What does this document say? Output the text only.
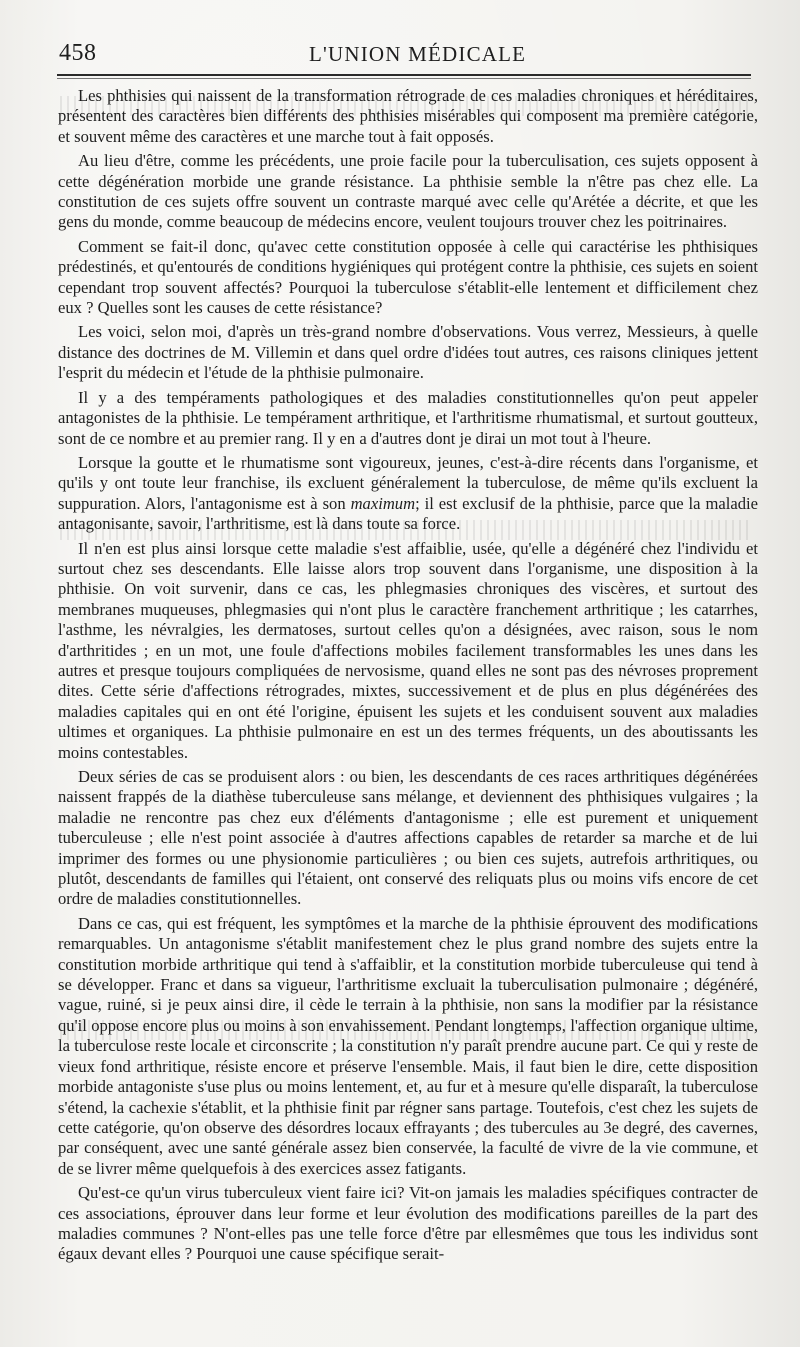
458	L'UNION MÉDICALE

Les phthisies qui naissent de la transformation rétrograde de ces maladies chroniques et héréditaires, présentent des caractères bien différents des phthisies misérables qui composent ma première catégorie, et souvent même des caractères et une marche tout à fait opposés.

Au lieu d'être, comme les précédents, une proie facile pour la tuberculisation, ces sujets opposent à cette dégénération morbide une grande résistance. La phthisie semble la n'être pas chez elle. La constitution de ces sujets offre souvent un contraste marqué avec celle qu'Arétée a décrite, et que les gens du monde, comme beaucoup de médecins encore, veulent toujours trouver chez les poitrinaires.

Comment se fait-il donc, qu'avec cette constitution opposée à celle qui caractérise les phthisiques prédestinés, et qu'entourés de conditions hygiéniques qui protégent contre la phthisie, ces sujets en soient cependant trop souvent affectés? Pourquoi la tuberculose s'établit-elle lentement et difficilement chez eux ? Quelles sont les causes de cette résistance?

Les voici, selon moi, d'après un très-grand nombre d'observations. Vous verrez, Messieurs, à quelle distance des doctrines de M. Villemin et dans quel ordre d'idées tout autres, ces raisons cliniques jettent l'esprit du médecin et l'étude de la phthisie pulmonaire.

Il y a des tempéraments pathologiques et des maladies constitutionnelles qu'on peut appeler antagonistes de la phthisie. Le tempérament arthritique, et l'arthritisme rhumatismal, et surtout goutteux, sont de ce nombre et au premier rang. Il y en a d'autres dont je dirai un mot tout à l'heure.

Lorsque la goutte et le rhumatisme sont vigoureux, jeunes, c'est-à-dire récents dans l'organisme, et qu'ils y ont toute leur franchise, ils excluent généralement la tuberculose, de même qu'ils excluent la suppuration. Alors, l'antagonisme est à son maximum; il est exclusif de la phthisie, parce que la maladie antagonisante, savoir, l'arthritisme, est là dans toute sa force.

Il n'en est plus ainsi lorsque cette maladie s'est affaiblie, usée, qu'elle a dégénéré chez l'individu et surtout chez ses descendants. Elle laisse alors trop souvent dans l'organisme, une disposition à la phthisie. On voit survenir, dans ce cas, les phlegmasies chroniques des viscères, et surtout des membranes muqueuses, phlegmasies qui n'ont plus le caractère franchement arthritique ; les catarrhes, l'asthme, les névralgies, les dermatoses, surtout celles qu'on a désignées, avec raison, sous le nom d'arthritides ; en un mot, une foule d'affections mobiles facilement transformables les unes dans les autres et presque toujours compliquées de nervosisme, quand elles ne sont pas des névroses proprement dites. Cette série d'affections rétrogrades, mixtes, successivement et de plus en plus dégénérées des maladies capitales qui en ont été l'origine, épuisent les sujets et les conduisent souvent aux maladies ultimes et organiques. La phthisie pulmonaire en est un des termes fréquents, un des aboutissants les moins contestables.

Deux séries de cas se produisent alors : ou bien, les descendants de ces races arthritiques dégénérées naissent frappés de la diathèse tuberculeuse sans mélange, et deviennent des phthisiques vulgaires ; la maladie ne rencontre pas chez eux d'éléments d'antagonisme ; elle est purement et uniquement tuberculeuse ; elle n'est point associée à d'autres affections capables de retarder sa marche et de lui imprimer des formes ou une physionomie particulières ; ou bien ces sujets, autrefois arthritiques, ou plutôt, descendants de familles qui l'étaient, ont conservé des reliquats plus ou moins vifs encore de cet ordre de maladies constitutionnelles.

Dans ce cas, qui est fréquent, les symptômes et la marche de la phthisie éprouvent des modifications remarquables. Un antagonisme s'établit manifestement chez le plus grand nombre des sujets entre la constitution morbide arthritique qui tend à s'affaiblir, et la constitution morbide tuberculeuse qui tend à se développer. Franc et dans sa vigueur, l'arthritisme excluait la tuberculisation pulmonaire ; dégénéré, vague, ruiné, si je peux ainsi dire, il cède le terrain à la phthisie, non sans la modifier par la résistance qu'il oppose encore plus ou moins à son envahissement. Pendant longtemps, l'affection organique ultime, la tuberculose reste locale et circonscrite ; la constitution n'y paraît prendre aucune part. Ce qui y reste de vieux fond arthritique, résiste encore et préserve l'ensemble. Mais, il faut bien le dire, cette disposition morbide antagoniste s'use plus ou moins lentement, et, au fur et à mesure qu'elle disparaît, la tuberculose s'étend, la cachexie s'établit, et la phthisie finit par régner sans partage. Toutefois, c'est chez les sujets de cette catégorie, qu'on observe des désordres locaux effrayants ; des tubercules au 3e degré, des cavernes, par conséquent, avec une santé générale assez bien conservée, la faculté de vivre de la vie commune, et de se livrer même quelquefois à des exercices assez fatigants.

Qu'est-ce qu'un virus tuberculeux vient faire ici? Vit-on jamais les maladies spécifiques contracter de ces associations, éprouver dans leur forme et leur évolution des modifications pareilles de la part des maladies communes ? N'ont-elles pas une telle force d'être par ellesmêmes que tous les individus sont égaux devant elles ? Pourquoi une cause spécifique serait-
